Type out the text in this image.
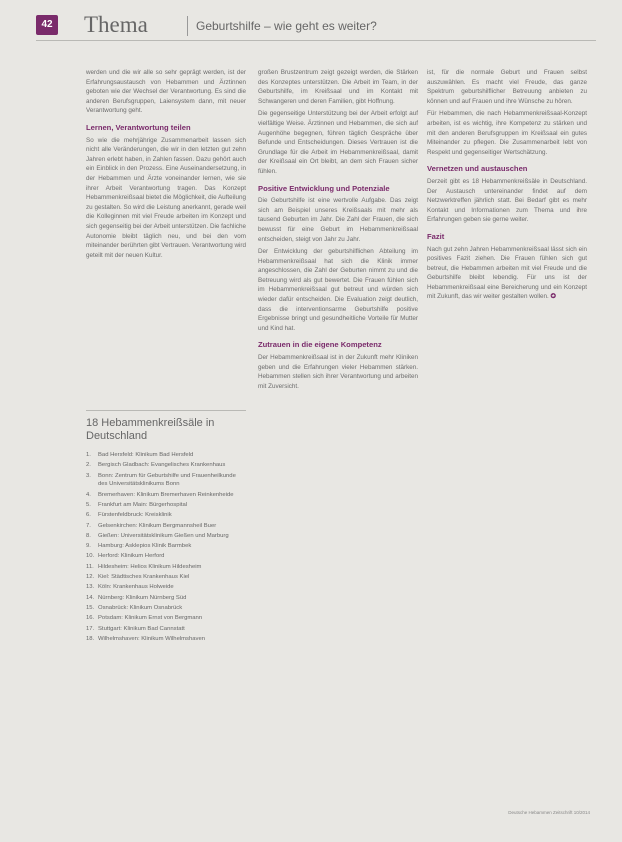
42 Thema	Geburtshilfe – wie geht es weiter?

werden und die wir alle so sehr geprägt werden, ist der Erfahrungsaustausch von Hebammen und Ärztinnen geboten wie der Wechsel der Verantwortung. Es sind die anderen Berufsgruppen, Laiensystem dann, mit neuer Verantwortung geht.

Lernen, Verantwortung teilen

So wie die mehrjährige Zusammenarbeit lassen sich nicht alle Veränderungen, die wir in den letzten gut zehn Jahren erlebt haben, in Zahlen fassen. Dazu gehört auch ein Einblick in den Prozess. Eine Auseinandersetzung, in der Hebammen und Ärzte voneinander lernen, wie sie ihrer Arbeit Verantwortung tragen. Das Konzept Hebammenkreißsaal bietet die Möglichkeit, die Aufteilung zu gestalten. So wird die Leistung anerkannt, gerade weil die Kolleginnen mit viel Freude arbeiten im Konzept und sich gegenseitig bei der Arbeit unterstützen. Die fachliche Autonomie bleibt täglich neu, und bei den vom miteinander berührten gibt Vertrauen. Verantwortung wird geteilt mit der neuen Kultur.

18 Hebammenkreißsäle in Deutschland
1.	Bad Hersfeld: Klinikum Bad Hersfeld
2.	Bergisch Gladbach: Evangelisches Krankenhaus
3.	Bonn: Zentrum für Geburtshilfe und Frauenheilkunde des Universitätsklinikums Bonn
4.	Bremerhaven: Klinikum Bremerhaven Reinkenheide
5.	Frankfurt am Main: Bürgerhospital
6.	Fürstenfeldbruck: Kreisklinik
7.	Gelsenkirchen: Klinikum Bergmannsheil Buer
8.	Gießen: Universitätsklinikum Gießen und Marburg
9.	Hamburg: Asklepios Klinik Barmbek
10. Herford: Klinikum Herford
11. Hildesheim: Helios Klinikum Hildesheim
12. Kiel: Städtisches Krankenhaus Kiel
13. Köln: Krankenhaus Holweide
14. Nürnberg: Klinikum Nürnberg Süd
15. Osnabrück: Klinikum Osnabrück
16. Potsdam: Klinikum Ernst von Bergmann
17. Stuttgart: Klinikum Bad Cannstatt
18. Wilhelmshaven: Klinikum Wilhelmshaven

großen Brustzentrum zeigt gezeigt werden, die Stärken des Konzeptes unterstützen. Die Arbeit im Team, in der Geburtshilfe, im Kreißsaal und im Kontakt mit Schwangeren und deren Familien, gibt Hoffnung.

Die gegenseitige Unterstützung bei der Arbeit erfolgt auf vielfältige Weise. Ärztinnen und Hebammen, die sich auf Augenhöhe begegnen, führen täglich Gespräche über Befunde und Entscheidungen. Dieses Vertrauen ist die Grundlage für die Arbeit im Hebammenkreißsaal, damit der Kreißsaal ein Ort bleibt, an dem sich Frauen sicher fühlen.

Positive Entwicklung und Potenziale

Die Geburtshilfe ist eine wertvolle Aufgabe. Das zeigt sich am Beispiel unseres Kreißsaals mit mehr als tausend Geburten im Jahr. Die Zahl der Frauen, die sich bewusst für eine Geburt im Hebammenkreißsaal entscheiden, steigt von Jahr zu Jahr.

Der Entwicklung der geburtshilflichen Abteilung im Hebammenkreißsaal hat sich die Klinik immer angeschlossen, die Zahl der Geburten nimmt zu und die Betreuung wird als gut bewertet. Die Frauen fühlen sich im Hebammenkreißsaal gut betreut und würden sich wieder dafür entscheiden. Die Evaluation zeigt deutlich, dass die interventionsarme Geburtshilfe positive Ergebnisse bringt und gesundheitliche Vorteile für Mutter und Kind hat.

Zutrauen in die eigene Kompetenz

Der Hebammenkreißsaal ist in der Zukunft mehr Kliniken geben und die Erfahrungen vieler Hebammen stärken. Hebammen stellen sich ihrer Verantwortung und arbeiten mit Zuversicht.

ist, für die normale Geburt und Frauen selbst auszuwählen. Es macht viel Freude, das ganze Spektrum geburtshilflicher Betreuung anbieten zu können und auf Frauen und ihre Wünsche zu hören.

Für Hebammen, die nach Hebammenkreißsaal-Konzept arbeiten, ist es wichtig, ihre Kompetenz zu stärken und mit den anderen Berufsgruppen im Kreißsaal ein gutes Miteinander zu pflegen. Die Zusammenarbeit lebt von Respekt und gegenseitiger Wertschätzung.

Vernetzen und austauschen

Derzeit gibt es 18 Hebammenkreißsäle in Deutschland. Der Austausch untereinander findet auf dem Netzwerktreffen jährlich statt. Bei Bedarf gibt es mehr Kontakt und Informationen zum Thema und ihre Erfahrungen geben sie gerne weiter.

Fazit

Nach gut zehn Jahren Hebammenkreißsaal lässt sich ein positives Fazit ziehen. Die Frauen fühlen sich gut betreut, die Hebammen arbeiten mit viel Freude und die Geburtshilfe bleibt lebendig. Für uns ist der Hebammenkreißsaal eine Bereicherung und ein Konzept mit Zukunft, das wir weiter gestalten wollen. ✪

Deutsche Hebammen Zeitschrift 10/2014
